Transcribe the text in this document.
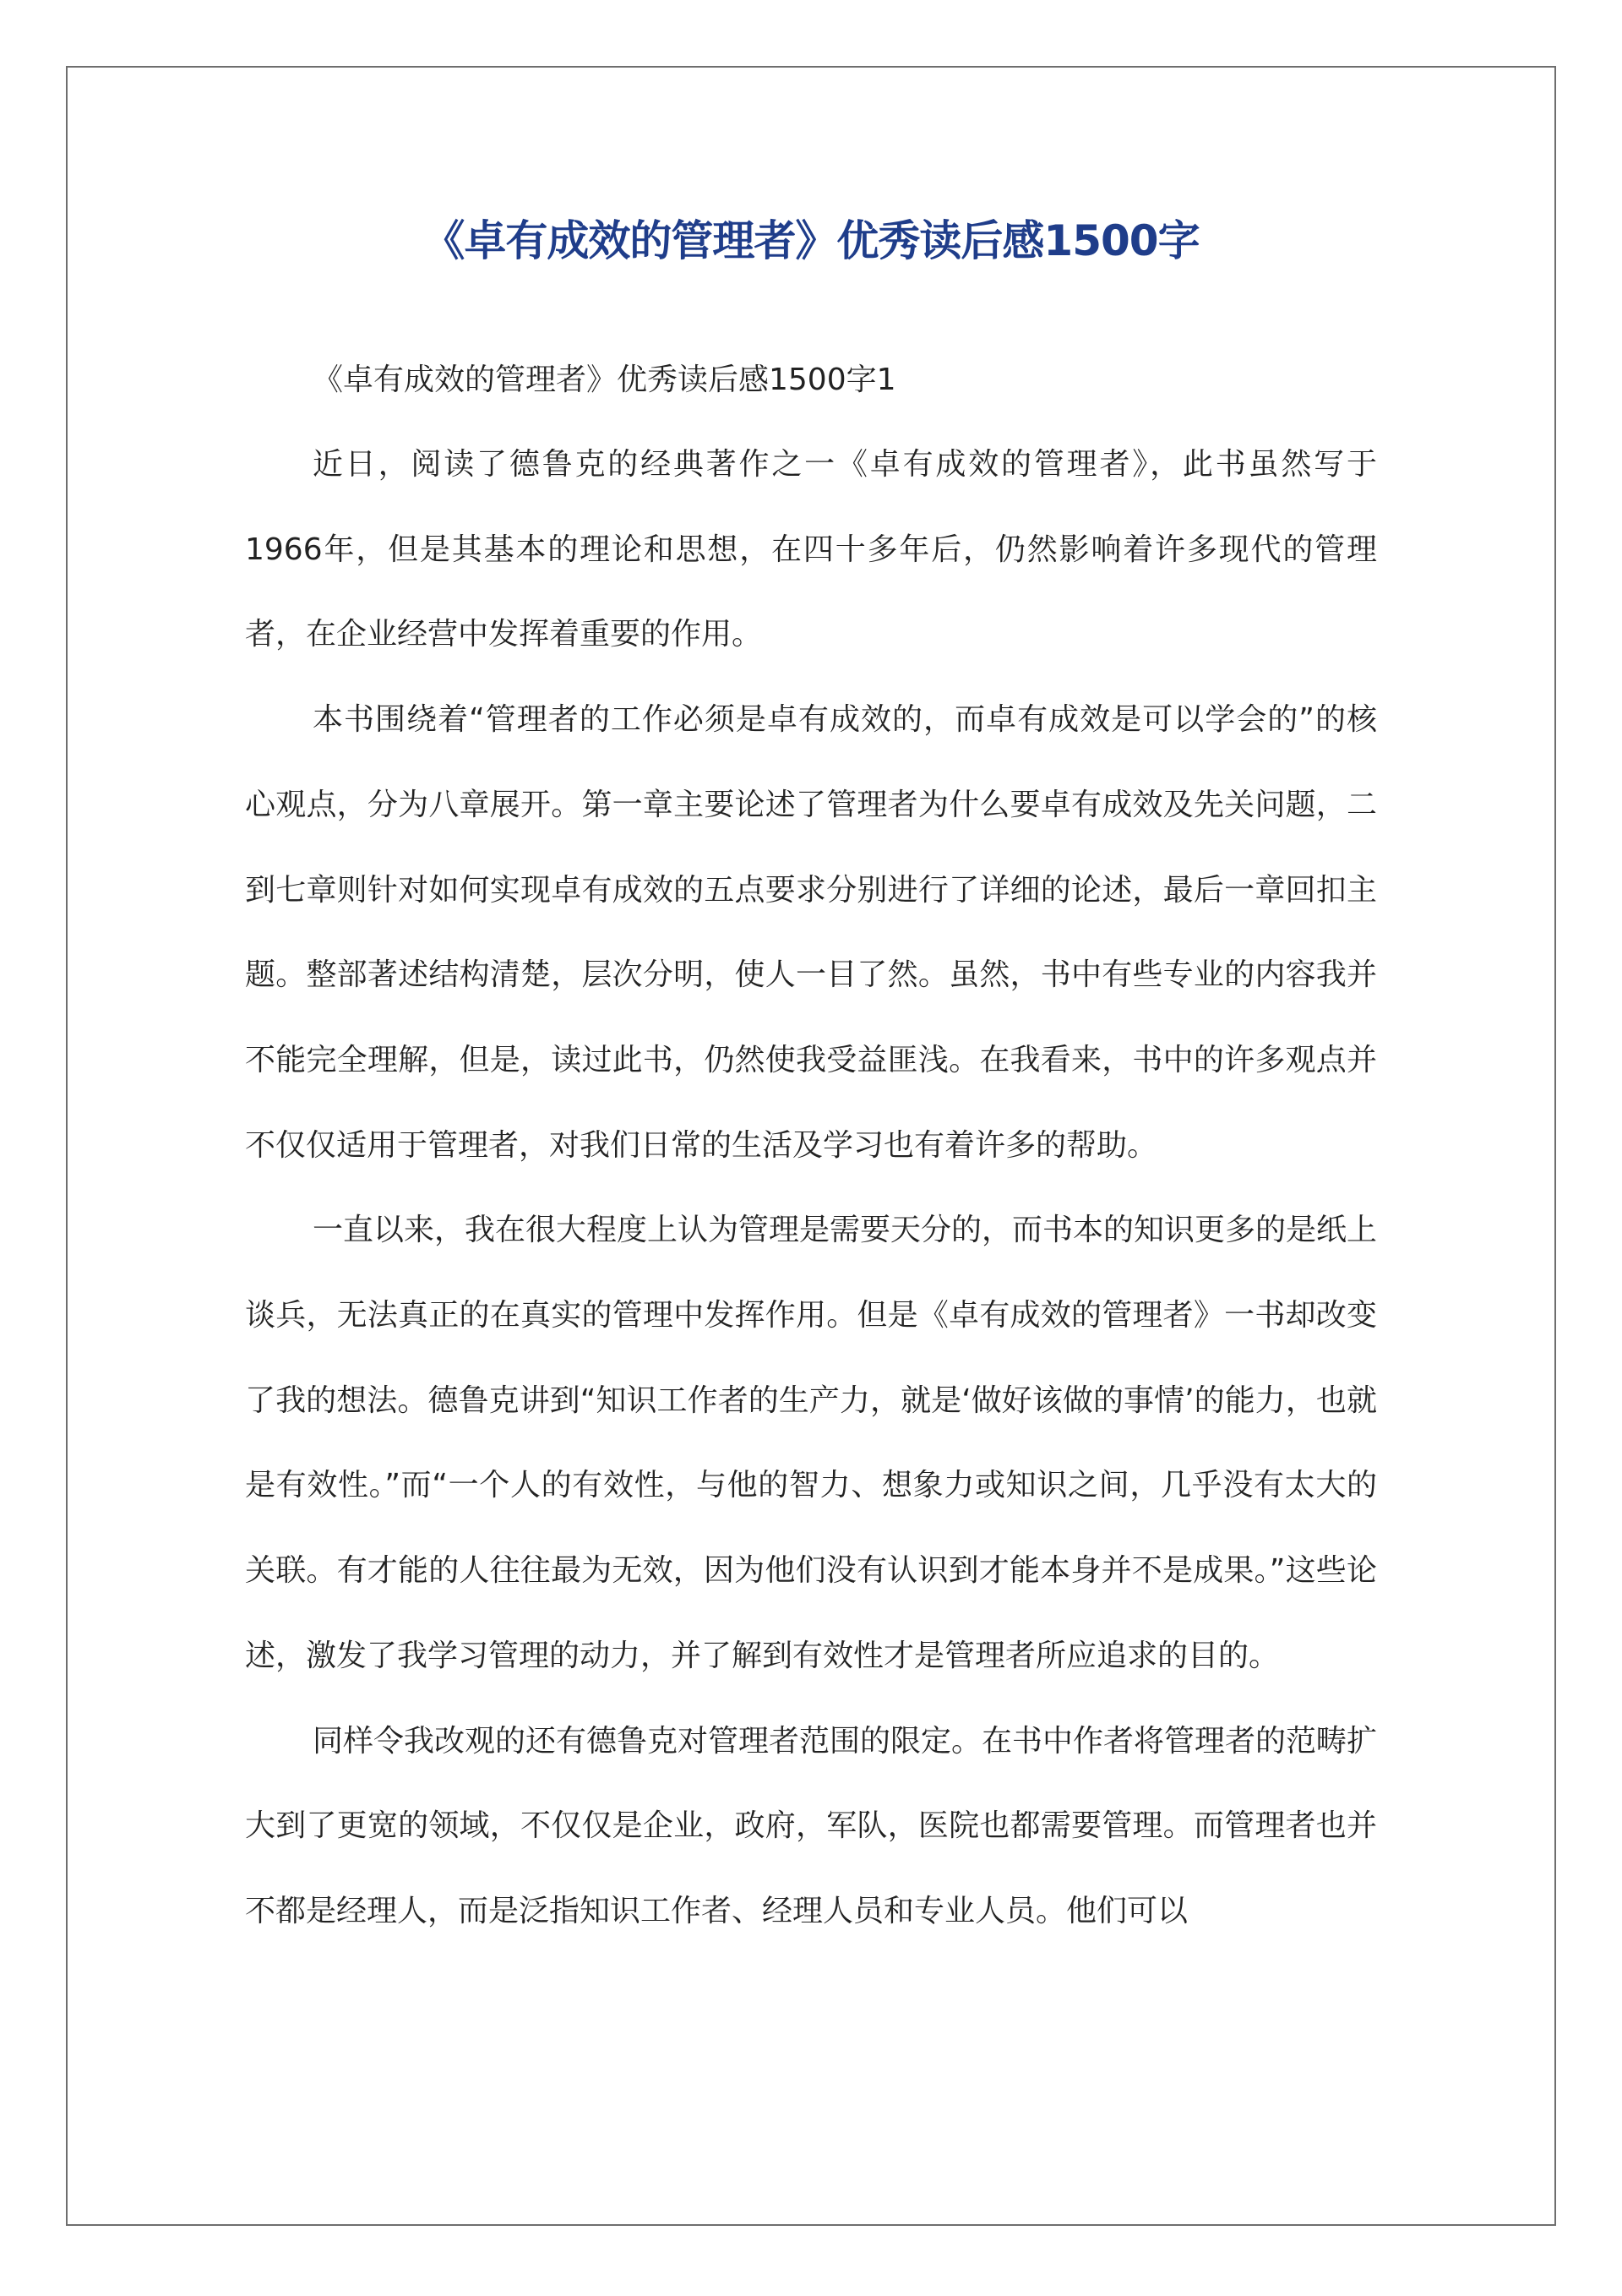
《卓有成效的管理者》优秀读后感1500字

《卓有成效的管理者》优秀读后感1500字1

近日，阅读了德鲁克的经典著作之一《卓有成效的管理者》，此书虽然写于1966年，但是其基本的理论和思想，在四十多年后，仍然影响着许多现代的管理者，在企业经营中发挥着重要的作用。

本书围绕着“管理者的工作必须是卓有成效的，而卓有成效是可以学会的”的核心观点，分为八章展开。第一章主要论述了管理者为什么要卓有成效及先关问题，二到七章则针对如何实现卓有成效的五点要求分别进行了详细的论述，最后一章回扣主题。整部著述结构清楚，层次分明，使人一目了然。虽然，书中有些专业的内容我并不能完全理解，但是，读过此书，仍然使我受益匪浅。在我看来，书中的许多观点并不仅仅适用于管理者，对我们日常的生活及学习也有着许多的帮助。

一直以来，我在很大程度上认为管理是需要天分的，而书本的知识更多的是纸上谈兵，无法真正的在真实的管理中发挥作用。但是《卓有成效的管理者》一书却改变了我的想法。德鲁克讲到“知识工作者的生产力，就是‘做好该做的事情’的能力，也就是有效性。”而“一个人的有效性，与他的智力、想象力或知识之间，几乎没有太大的关联。有才能的人往往最为无效，因为他们没有认识到才能本身并不是成果。”这些论述，激发了我学习管理的动力，并了解到有效性才是管理者所应追求的目的。

同样令我改观的还有德鲁克对管理者范围的限定。在书中作者将管理者的范畴扩大到了更宽的领域，不仅仅是企业，政府，军队，医院也都需要管理。而管理者也并不都是经理人，而是泛指知识工作者、经理人员和专业人员。他们可以
